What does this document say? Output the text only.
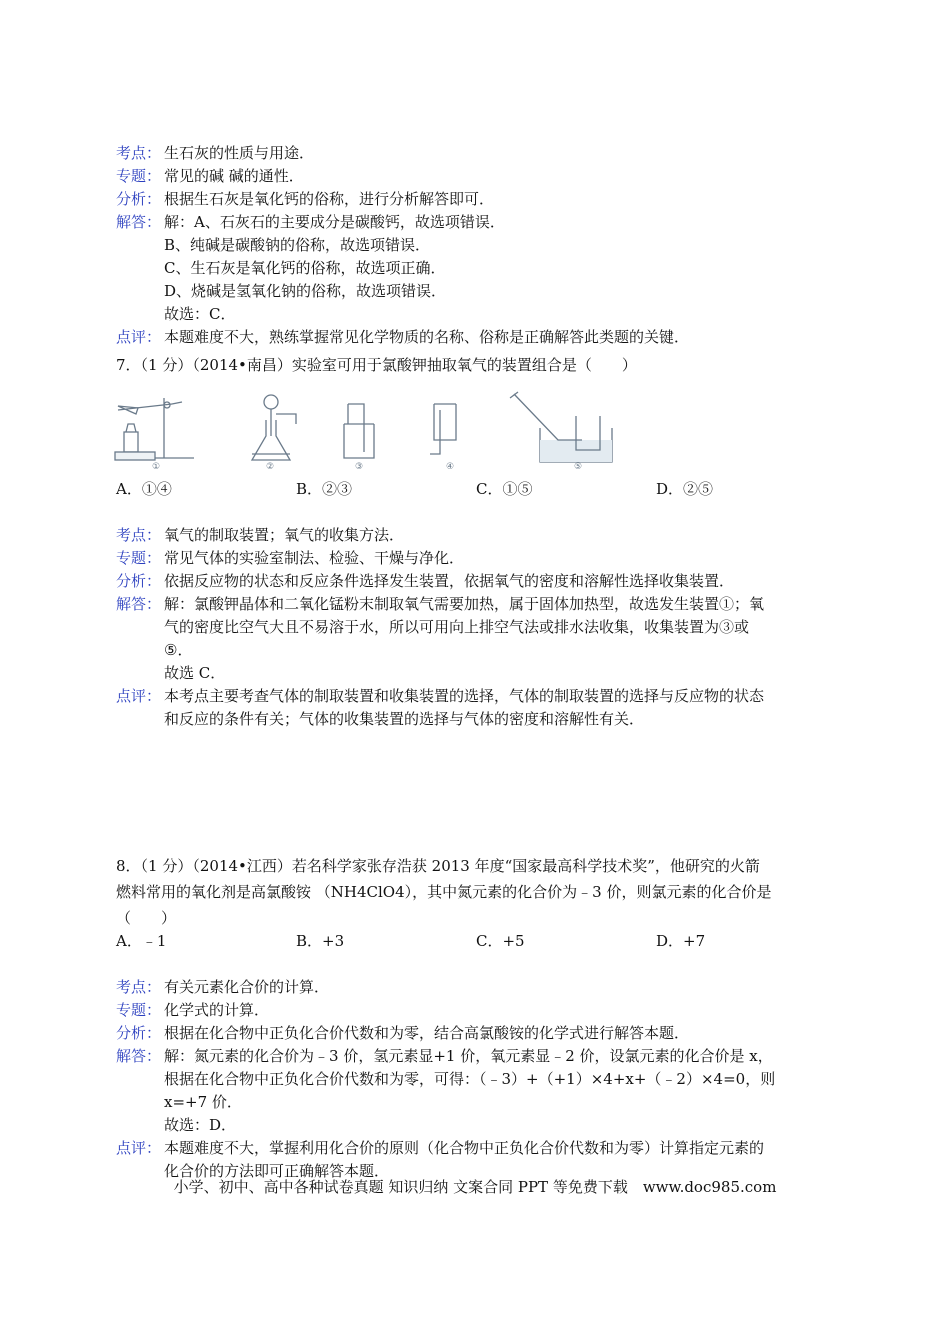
考点： 生石灰的性质与用途．
专题： 常见的碱 碱的通性．
分析： 根据生石灰是氧化钙的俗称，进行分析解答即可．
解答： 解：A、石灰石的主要成分是碳酸钙，故选项错误．
B、纯碱是碳酸钠的俗称，故选项错误．
C、生石灰是氧化钙的俗称，故选项正确．
D、烧碱是氢氧化钠的俗称，故选项错误．
故选：C．
点评： 本题难度不大，熟练掌握常见化学物质的名称、俗称是正确解答此类题的关键．
7．（1 分）（2014•南昌）实验室可用于氯酸钾抽取氧气的装置组合是（　　）
①	②	③	④	⑤
A．①④	B．②③	C．①⑤	D．②⑤
考点： 氧气的制取装置；氧气的收集方法．
专题： 常见气体的实验室制法、检验、干燥与净化．
分析： 依据反应物的状态和反应条件选择发生装置，依据氧气的密度和溶解性选择收集装置．
解答： 解：氯酸钾晶体和二氧化锰粉末制取氧气需要加热，属于固体加热型，故选发生装置①；氧
气的密度比空气大且不易溶于水，所以可用向上排空气法或排水法收集，收集装置为③或
⑤．
故选 C．
点评： 本考点主要考查气体的制取装置和收集装置的选择，气体的制取装置的选择与反应物的状态
和反应的条件有关；气体的收集装置的选择与气体的密度和溶解性有关．
8．（1 分）（2014•江西）若名科学家张存浩获 2013 年度“国家最高科学技术奖”，他研究的火箭
燃料常用的氧化剂是高氯酸铵 （NH4ClO4），其中氮元素的化合价为﹣3 价，则氯元素的化合价是
（　　）
A．﹣1	B．+3	C．+5	D．+7
考点： 有关元素化合价的计算．
专题： 化学式的计算．
分析： 根据在化合物中正负化合价代数和为零，结合高氯酸铵的化学式进行解答本题．
解答： 解：氮元素的化合价为﹣3 价，氢元素显+1 价，氧元素显﹣2 价，设氯元素的化合价是 x，
根据在化合物中正负化合价代数和为零，可得：（﹣3）+（+1）×4+x+（﹣2）×4=0，则
x=+7 价．
故选：D．
点评： 本题难度不大，掌握利用化合价的原则（化合物中正负化合价代数和为零）计算指定元素的
化合价的方法即可正确解答本题．
小学、初中、高中各种试卷真题 知识归纳 文案合同 PPT 等免费下载　www.doc985.com
